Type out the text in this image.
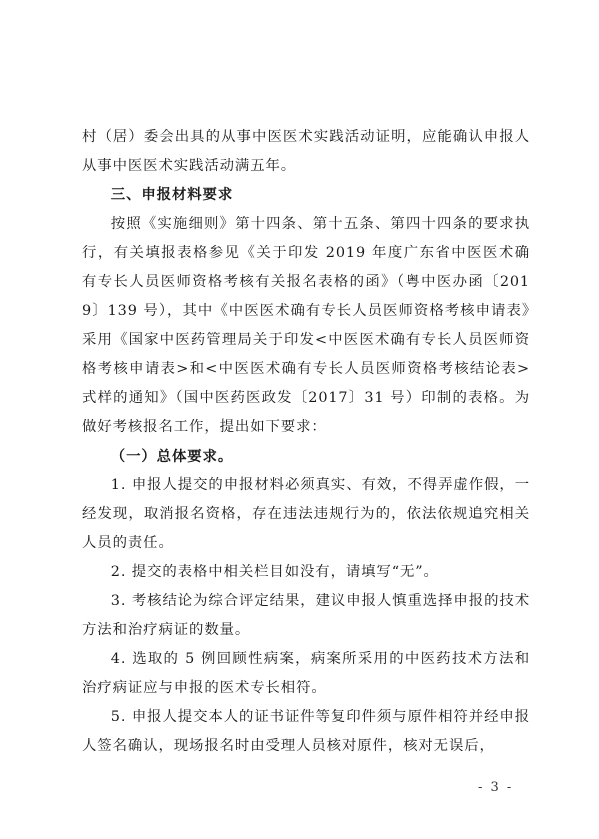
村（居）委会出具的从事中医医术实践活动证明，应能确认申报人从事中医医术实践活动满五年。

三、申报材料要求

按照《实施细则》第十四条、第十五条、第四十四条的要求执行，有关填报表格参见《关于印发 2019 年度广东省中医医术确有专长人员医师资格考核有关报名表格的函》（粤中医办函〔2019〕139 号），其中《中医医术确有专长人员医师资格考核申请表》采用《国家中医药管理局关于印发<中医医术确有专长人员医师资格考核申请表>和<中医医术确有专长人员医师资格考核结论表>式样的通知》（国中医药医政发〔2017〕31 号）印制的表格。为做好考核报名工作，提出如下要求：

（一）总体要求。

1. 申报人提交的申报材料必须真实、有效，不得弄虚作假，一经发现，取消报名资格，存在违法违规行为的，依法依规追究相关人员的责任。

2. 提交的表格中相关栏目如没有，请填写“无”。

3. 考核结论为综合评定结果，建议申报人慎重选择申报的技术方法和治疗病证的数量。

4. 选取的 5 例回顾性病案，病案所采用的中医药技术方法和治疗病证应与申报的医术专长相符。

5. 申报人提交本人的证书证件等复印件须与原件相符并经申报人签名确认，现场报名时由受理人员核对原件，核对无误后，

- 3 -
